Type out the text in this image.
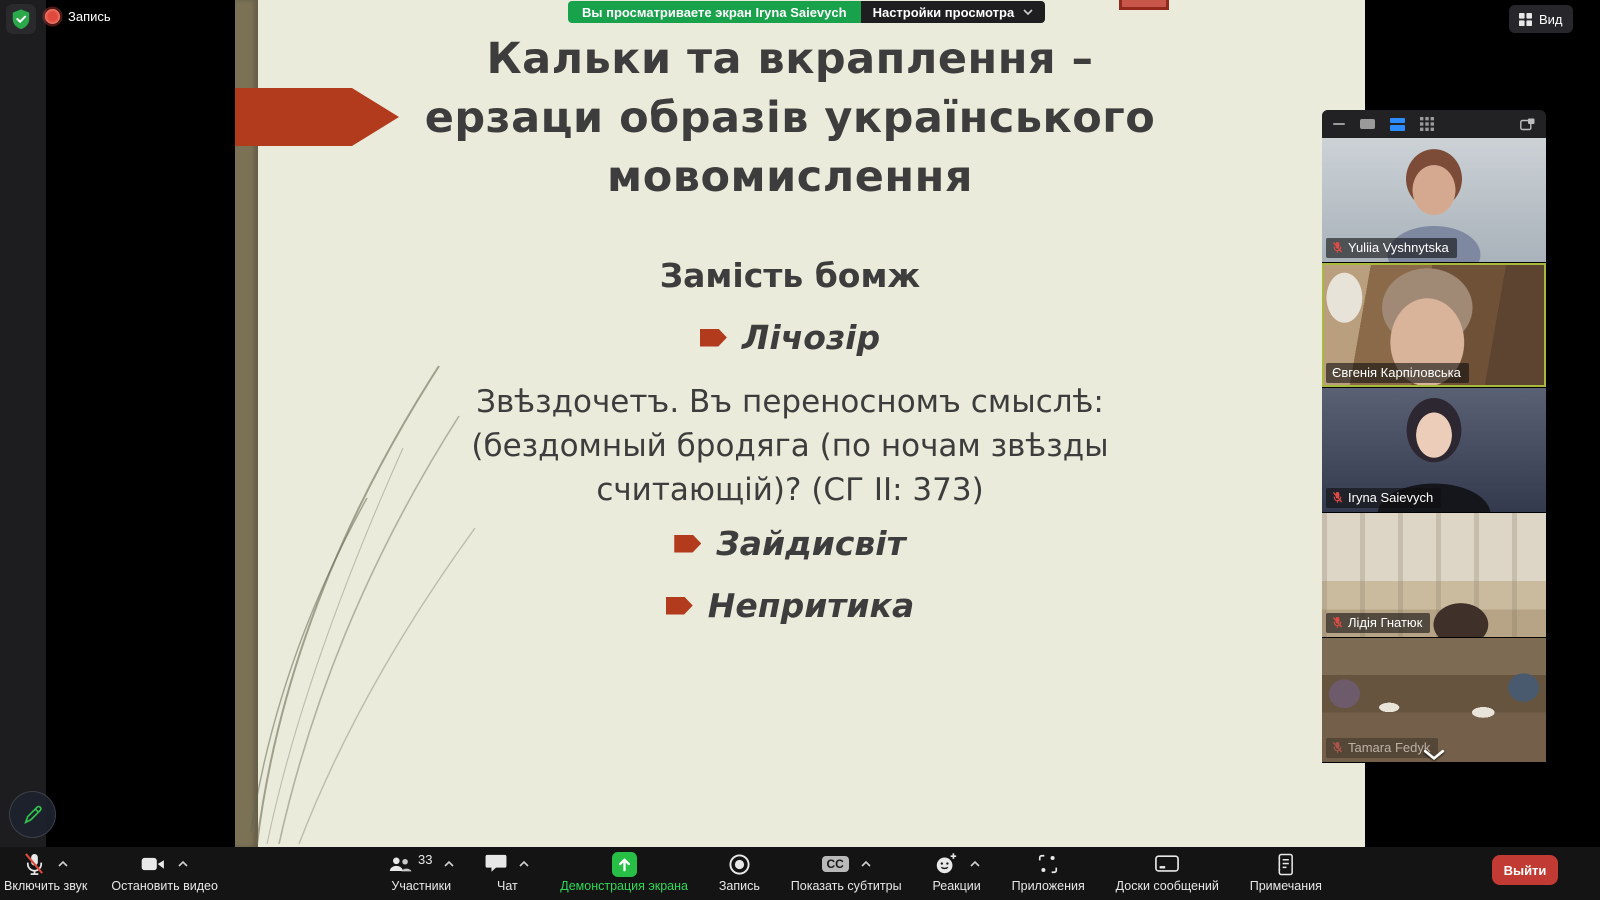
Запись
Кальки та вкраплення –
ерзаци образів українського
мовомислення
Замість бомж
Лічозір
Звѣздочетъ. Въ переносномъ смыслѣ:
(бездомный бродяга (по ночам звѣзды
считающій)? (СГ II: 373)
Зайдисвіт
Непритика
Вы просматриваете экран Iryna Saievych	Настройки просмотра	Вид
Yuliia Vyshnytska
Євгенія Карпіловська
Iryna Saievych
Лідія Гнатюк
Tamara Fedyk
Включить звук Остановить видео
33
Участники	Чат	Демонстрация экрана Запись
CC
Показать субтитры Реакции Приложения Доски сообщений Примечания
Выйти
